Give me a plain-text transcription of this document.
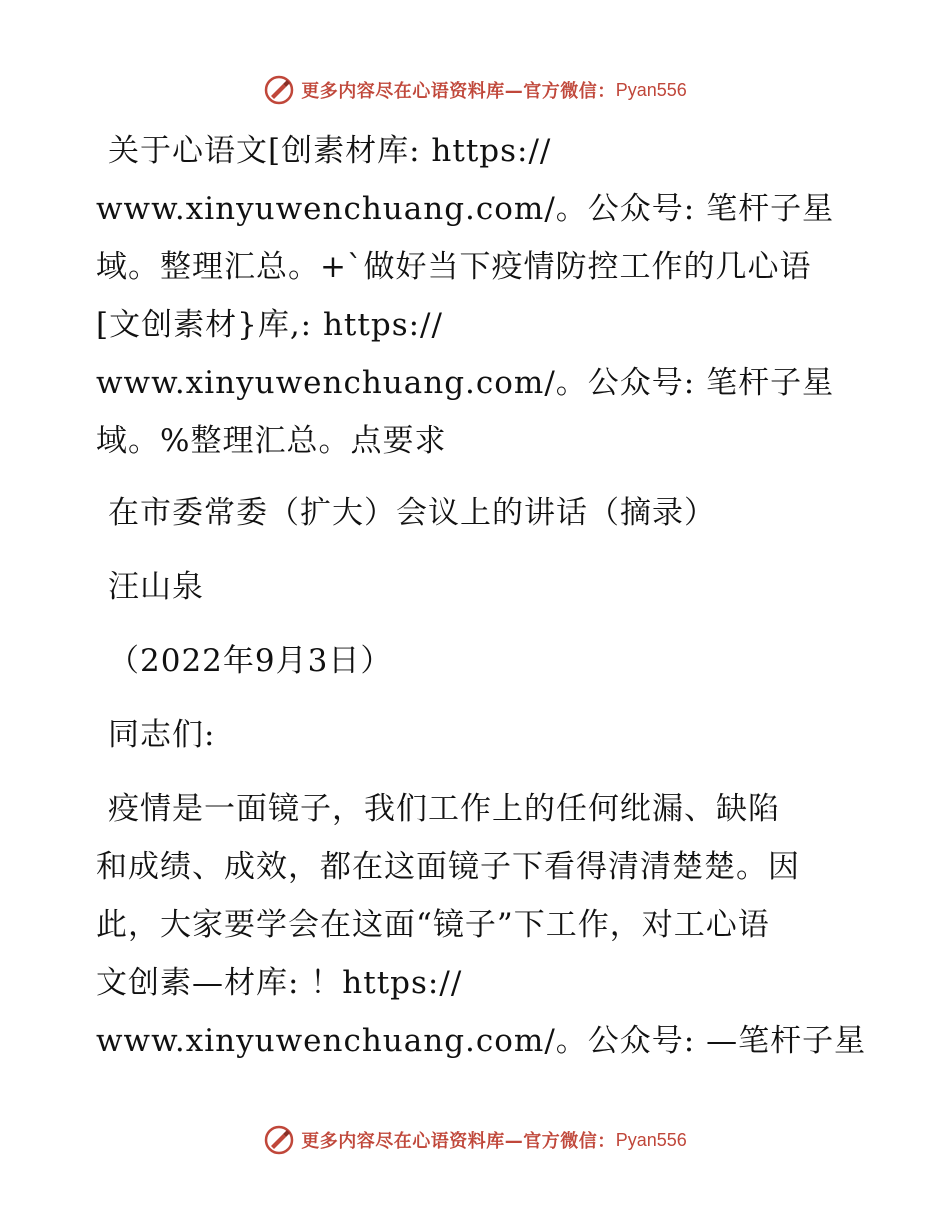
更多内容尽在心语资料库—官方微信： Pyan556
关于心语文[创素材库: https://
www.xinyuwenchuang.com/。公众号: 笔杆子星
域。整理汇总。+`做好当下疫情防控工作的几心语
[文创素材}库,: https://
www.xinyuwenchuang.com/。公众号: 笔杆子星
域。%整理汇总。点要求
在市委常委（扩大）会议上的讲话（摘录）
汪山泉
（2022年9月3日）
同志们:
疫情是一面镜子，我们工作上的任何纰漏、缺陷
和成绩、成效，都在这面镜子下看得清清楚楚。因
此，大家要学会在这面“镜子”下工作，对工心语
文创素—材库: ！https://
www.xinyuwenchuang.com/。公众号: —笔杆子星
更多内容尽在心语资料库—官方微信： Pyan556
